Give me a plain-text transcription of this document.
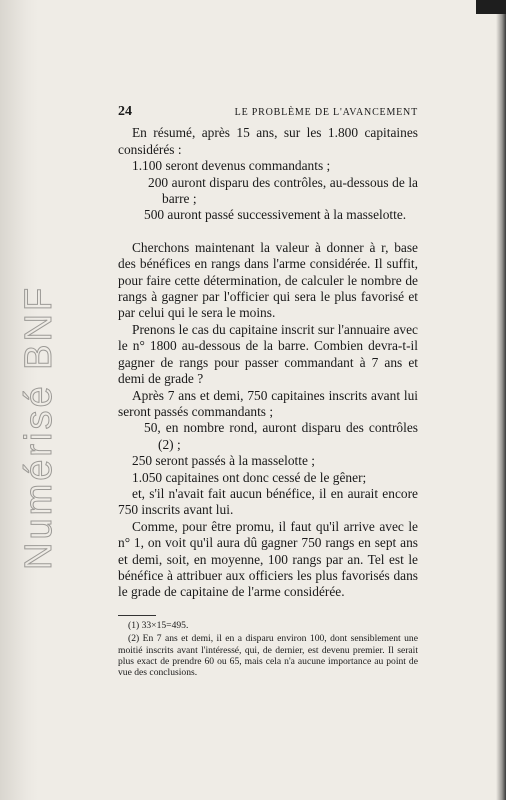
Numérisé BNF
24	LE PROBLÈME DE L'AVANCEMENT

En résumé, après 15 ans, sur les 1.800 capitaines considérés :

1.100 seront devenus commandants ;

200 auront disparu des contrôles, au-dessous de la barre ;

500 auront passé successivement à la masselotte.

Cherchons maintenant la valeur à donner à r, base des bénéfices en rangs dans l'arme considérée. Il suffit, pour faire cette détermination, de calculer le nombre de rangs à gagner par l'officier qui sera le plus favorisé et par celui qui le sera le moins.

Prenons le cas du capitaine inscrit sur l'annuaire avec le n° 1800 au-dessous de la barre. Combien devra-t-il gagner de rangs pour passer commandant à 7 ans et demi de grade ?

Après 7 ans et demi, 750 capitaines inscrits avant lui seront passés commandants ;

50, en nombre rond, auront disparu des contrôles (2) ;

250 seront passés à la masselotte ;

1.050 capitaines ont donc cessé de le gêner;

et, s'il n'avait fait aucun bénéfice, il en aurait encore 750 inscrits avant lui.

Comme, pour être promu, il faut qu'il arrive avec le n° 1, on voit qu'il aura dû gagner 750 rangs en sept ans et demi, soit, en moyenne, 100 rangs par an. Tel est le bénéfice à attribuer aux officiers les plus favorisés dans le grade de capitaine de l'arme considérée.

(1) 33×15=495.

(2) En 7 ans et demi, il en a disparu environ 100, dont sensiblement une moitié inscrits avant l'intéressé, qui, de dernier, est devenu premier. Il serait plus exact de prendre 60 ou 65, mais cela n'a aucune importance au point de vue des conclusions.
